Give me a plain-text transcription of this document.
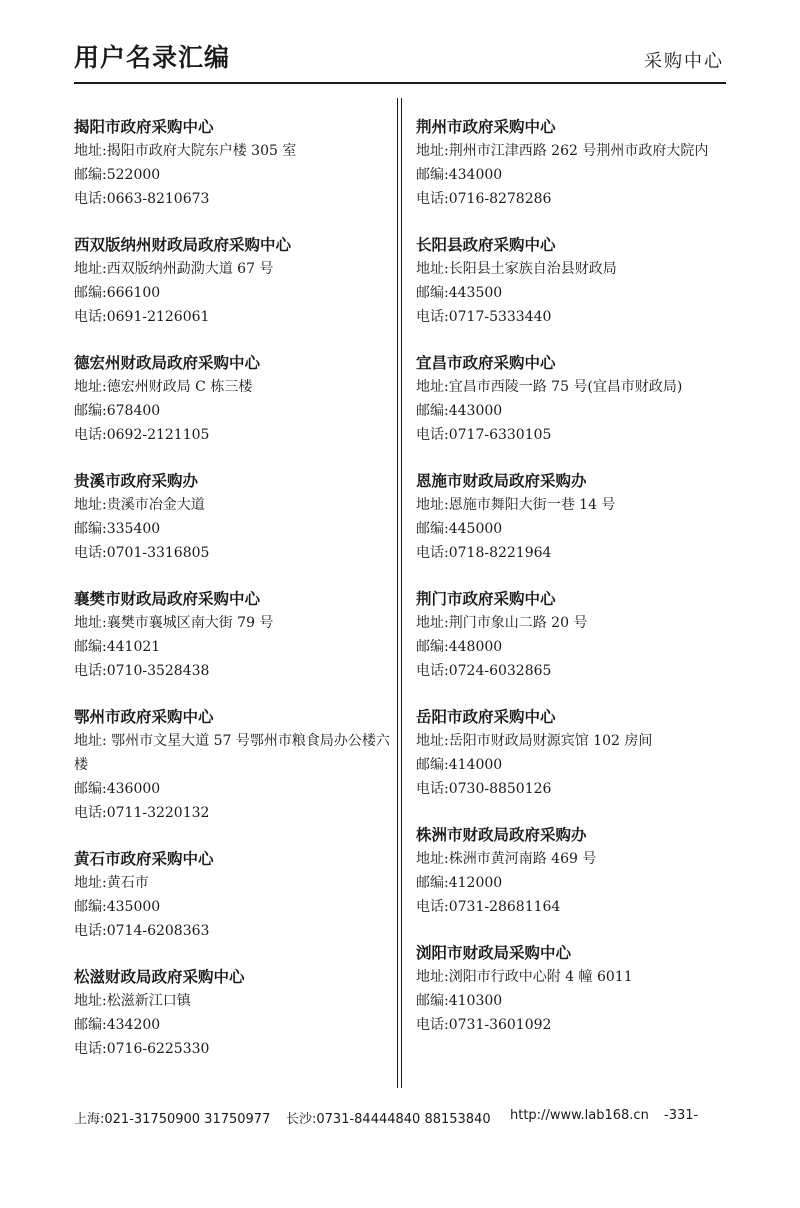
用户名录汇编	采购中心
揭阳市政府采购中心
地址:揭阳市政府大院东户楼 305 室
邮编:522000
电话:0663-8210673
西双版纳州财政局政府采购中心
地址:西双版纳州勐泐大道 67 号
邮编:666100
电话:0691-2126061
德宏州财政局政府采购中心
地址:德宏州财政局 C 栋三楼
邮编:678400
电话:0692-2121105
贵溪市政府采购办
地址:贵溪市冶金大道
邮编:335400
电话:0701-3316805
襄樊市财政局政府采购中心
地址:襄樊市襄城区南大街 79 号
邮编:441021
电话:0710-3528438
鄂州市政府采购中心
地址: 鄂州市文星大道 57 号鄂州市粮食局办公楼六楼
邮编:436000
电话:0711-3220132
黄石市政府采购中心
地址:黄石市
邮编:435000
电话:0714-6208363
松滋财政局政府采购中心
地址:松滋新江口镇
邮编:434200
电话:0716-6225330
荆州市政府采购中心
地址:荆州市江津西路 262 号荆州市政府大院内
邮编:434000
电话:0716-8278286
长阳县政府采购中心
地址:长阳县土家族自治县财政局
邮编:443500
电话:0717-5333440
宜昌市政府采购中心
地址:宜昌市西陵一路 75 号(宜昌市财政局)
邮编:443000
电话:0717-6330105
恩施市财政局政府采购办
地址:恩施市舞阳大街一巷 14 号
邮编:445000
电话:0718-8221964
荆门市政府采购中心
地址:荆门市象山二路 20 号
邮编:448000
电话:0724-6032865
岳阳市政府采购中心
地址:岳阳市财政局财源宾馆 102 房间
邮编:414000
电话:0730-8850126
株洲市财政局政府采购办
地址:株洲市黄河南路 469 号
邮编:412000
电话:0731-28681164
浏阳市财政局采购中心
地址:浏阳市行政中心附 4 幢 6011
邮编:410300
电话:0731-3601092
上海:021-31750900 31750977 长沙:0731-84444840 88153840 http://www.lab168.cn -331-
